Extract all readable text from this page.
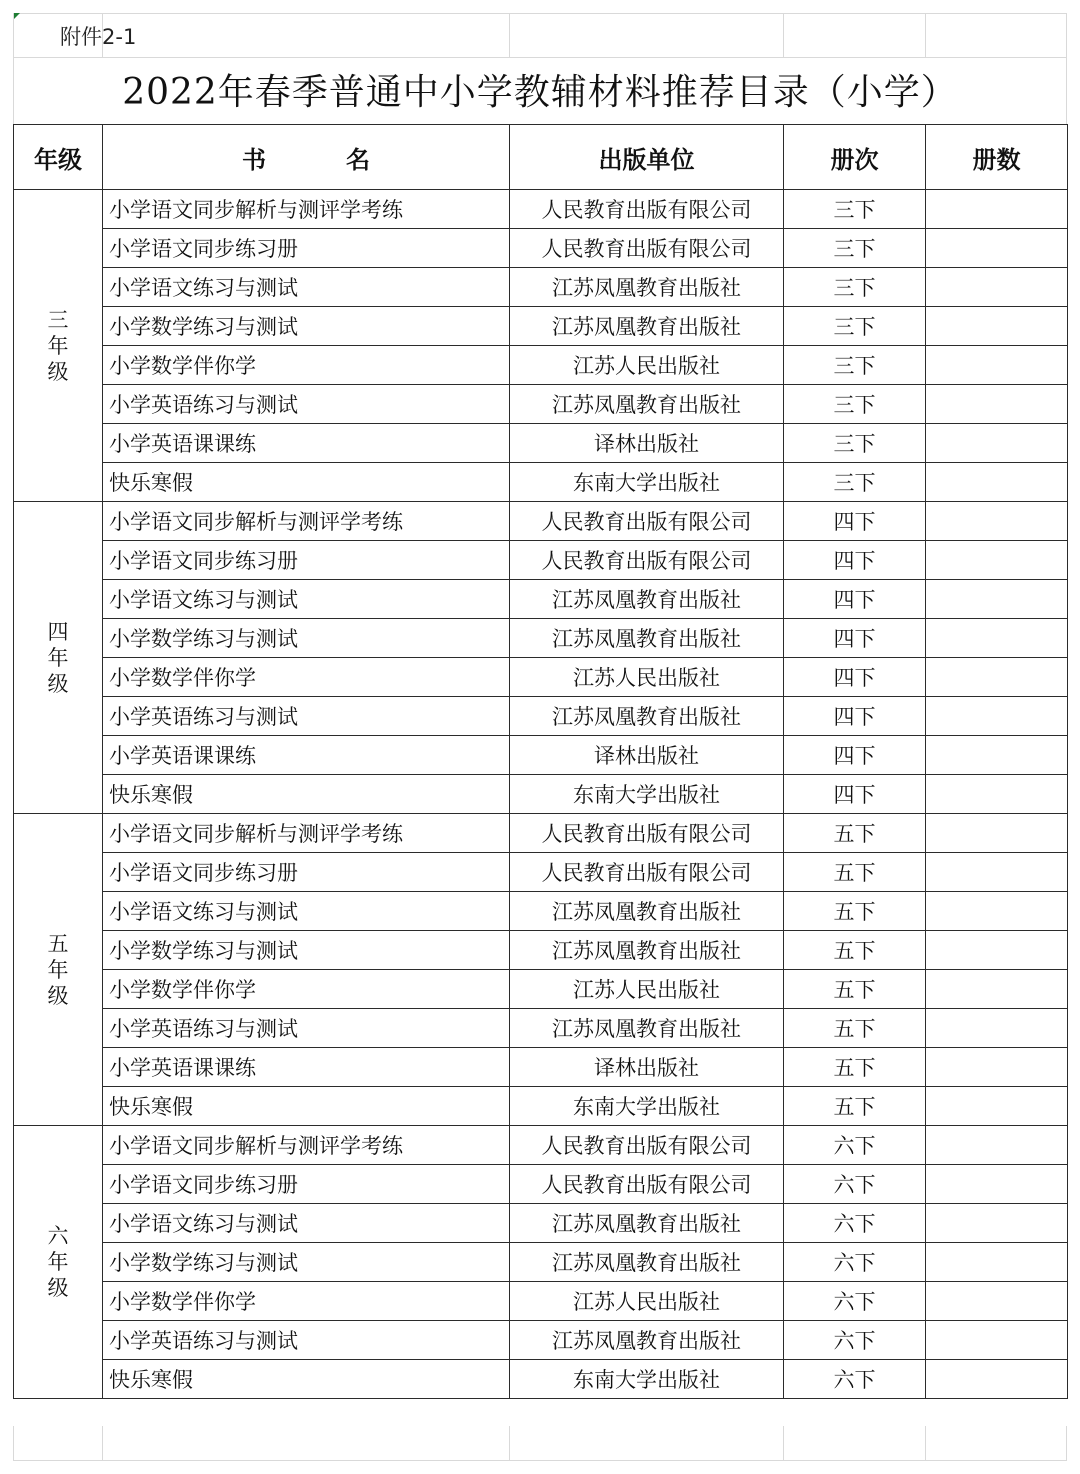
附件2-1
2022年春季普通中小学教辅材料推荐目录（小学）
年级	书 名	出版单位	册次	册数

三
年
级	小学语文同步解析与测评学考练	人民教育出版有限公司	三下	
	小学语文同步练习册	人民教育出版有限公司	三下	
	小学语文练习与测试	江苏凤凰教育出版社	三下	
	小学数学练习与测试	江苏凤凰教育出版社	三下	
	小学数学伴你学	江苏人民出版社	三下	
	小学英语练习与测试	江苏凤凰教育出版社	三下	
	小学英语课课练	译林出版社	三下	
	快乐寒假	东南大学出版社	三下	

四
年
级	小学语文同步解析与测评学考练	人民教育出版有限公司	四下	
	小学语文同步练习册	人民教育出版有限公司	四下	
	小学语文练习与测试	江苏凤凰教育出版社	四下	
	小学数学练习与测试	江苏凤凰教育出版社	四下	
	小学数学伴你学	江苏人民出版社	四下	
	小学英语练习与测试	江苏凤凰教育出版社	四下	
	小学英语课课练	译林出版社	四下	
	快乐寒假	东南大学出版社	四下	

五
年
级	小学语文同步解析与测评学考练	人民教育出版有限公司	五下	
	小学语文同步练习册	人民教育出版有限公司	五下	
	小学语文练习与测试	江苏凤凰教育出版社	五下	
	小学数学练习与测试	江苏凤凰教育出版社	五下	
	小学数学伴你学	江苏人民出版社	五下	
	小学英语练习与测试	江苏凤凰教育出版社	五下	
	小学英语课课练	译林出版社	五下	
	快乐寒假	东南大学出版社	五下	

六
年
级	小学语文同步解析与测评学考练	人民教育出版有限公司	六下	
	小学语文同步练习册	人民教育出版有限公司	六下	
	小学语文练习与测试	江苏凤凰教育出版社	六下	
	小学数学练习与测试	江苏凤凰教育出版社	六下	
	小学数学伴你学	江苏人民出版社	六下	
	小学英语练习与测试	江苏凤凰教育出版社	六下	
	快乐寒假	东南大学出版社	六下	
